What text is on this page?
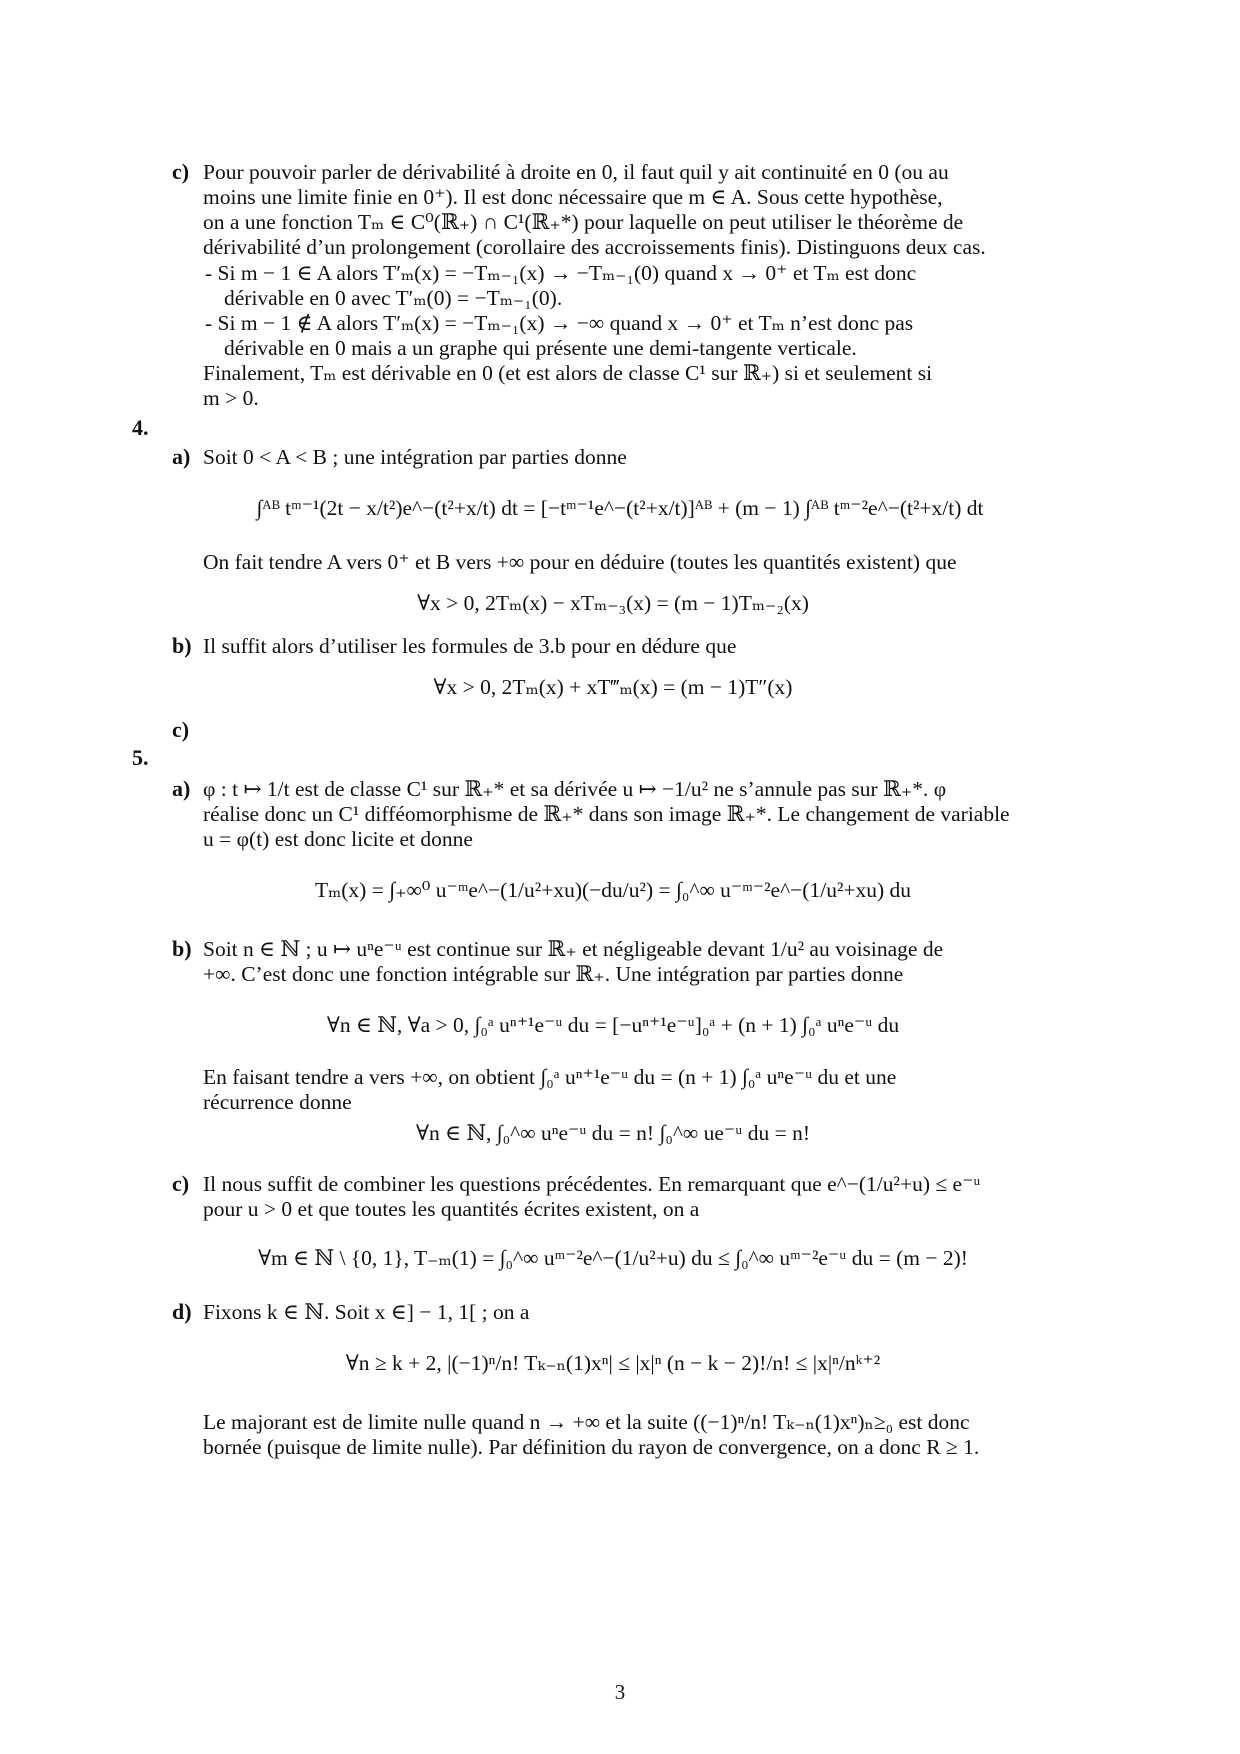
c) Pour pouvoir parler de dérivabilité à droite en 0, il faut quil y ait continuité en 0 (ou au
moins une limite finie en 0⁺). Il est donc nécessaire que m ∈ A. Sous cette hypothèse,
on a une fonction Tₘ ∈ C⁰(ℝ₊) ∩ C¹(ℝ₊*) pour laquelle on peut utiliser le théorème de
dérivabilité d’un prolongement (corollaire des accroissements finis). Distinguons deux cas.
- Si m − 1 ∈ A alors T′ₘ(x) = −Tₘ₋₁(x) → −Tₘ₋₁(0) quand x → 0⁺ et Tₘ est donc
dérivable en 0 avec T′ₘ(0) = −Tₘ₋₁(0).
- Si m − 1 ∉ A alors T′ₘ(x) = −Tₘ₋₁(x) → −∞ quand x → 0⁺ et Tₘ n’est donc pas
dérivable en 0 mais a un graphe qui présente une demi-tangente verticale.
Finalement, Tₘ est dérivable en 0 (et est alors de classe C¹ sur ℝ₊) si et seulement si
m > 0.
4.
a) Soit 0 < A < B ; une intégration par parties donne
∫ᴬᴮ tᵐ⁻¹(2t − x/t²)e^−(t²+x/t) dt = [−tᵐ⁻¹e^−(t²+x/t)]ᴬᴮ + (m − 1) ∫ᴬᴮ tᵐ⁻²e^−(t²+x/t) dt
On fait tendre A vers 0⁺ et B vers +∞ pour en déduire (toutes les quantités existent) que
∀x > 0, 2Tₘ(x) − xTₘ₋₃(x) = (m − 1)Tₘ₋₂(x)
b) Il suffit alors d’utiliser les formules de 3.b pour en dédure que
∀x > 0, 2Tₘ(x) + xT‴ₘ(x) = (m − 1)T″(x)
c)
5.
a) φ : t ↦ 1/t est de classe C¹ sur ℝ₊* et sa dérivée u ↦ −1/u² ne s’annule pas sur ℝ₊*. φ
réalise donc un C¹ difféomorphisme de ℝ₊* dans son image ℝ₊*. Le changement de variable
u = φ(t) est donc licite et donne
Tₘ(x) = ∫₊∞⁰ u⁻ᵐe^−(1/u²+xu)(−du/u²) = ∫₀^∞ u⁻ᵐ⁻²e^−(1/u²+xu) du
b) Soit n ∈ ℕ ; u ↦ uⁿe⁻ᵘ est continue sur ℝ₊ et négligeable devant 1/u² au voisinage de
+∞. C’est donc une fonction intégrable sur ℝ₊. Une intégration par parties donne
∀n ∈ ℕ, ∀a > 0, ∫₀ᵃ uⁿ⁺¹e⁻ᵘ du = [−uⁿ⁺¹e⁻ᵘ]₀ᵃ + (n + 1) ∫₀ᵃ uⁿe⁻ᵘ du
En faisant tendre a vers +∞, on obtient ∫₀ᵃ uⁿ⁺¹e⁻ᵘ du = (n + 1) ∫₀ᵃ uⁿe⁻ᵘ du et une
récurrence donne
∀n ∈ ℕ, ∫₀^∞ uⁿe⁻ᵘ du = n! ∫₀^∞ ue⁻ᵘ du = n!
c) Il nous suffit de combiner les questions précédentes. En remarquant que e^−(1/u²+u) ≤ e⁻ᵘ
pour u > 0 et que toutes les quantités écrites existent, on a
∀m ∈ ℕ \ {0, 1}, T₋ₘ(1) = ∫₀^∞ uᵐ⁻²e^−(1/u²+u) du ≤ ∫₀^∞ uᵐ⁻²e⁻ᵘ du = (m − 2)!
d) Fixons k ∈ ℕ. Soit x ∈] − 1, 1[ ; on a
∀n ≥ k + 2, |(−1)ⁿ/n! Tₖ₋ₙ(1)xⁿ| ≤ |x|ⁿ (n − k − 2)!/n! ≤ |x|ⁿ/nᵏ⁺²
Le majorant est de limite nulle quand n → +∞ et la suite ((−1)ⁿ/n! Tₖ₋ₙ(1)xⁿ)ₙ≥₀ est donc
bornée (puisque de limite nulle). Par définition du rayon de convergence, on a donc R ≥ 1.
3
